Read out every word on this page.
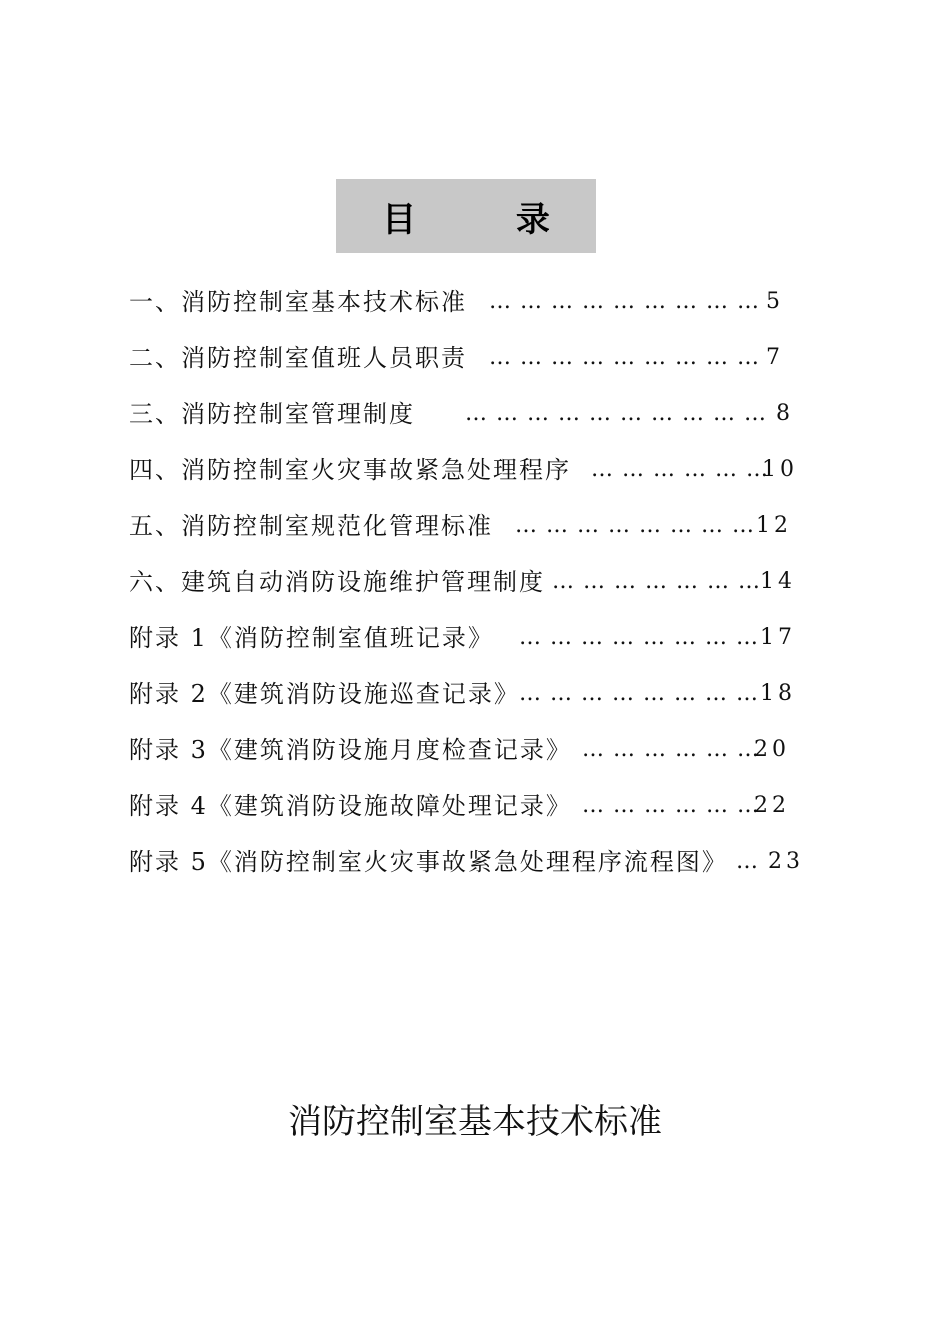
目 录
一、消防控制室基本技术标准 … … … … … … … … … 5
二、消防控制室值班人员职责 … … … … … … … … … 7
三、消防控制室管理制度 … … … … … … … … … … 8
四、消防控制室火灾事故紧急处理程序 … … … … … …
10
五、消防控制室规范化管理标准 … … … … … … … … 12
六、建筑自动消防设施维护管理制度 … … … … … … … 14
附录 1《消防控制室值班记录》 … … … … … … … … 17
附录 2《建筑消防设施巡查记录》 … … … … … … … … 18
附录 3《建筑消防设施月度检查记录》 … … … … … …
20
附录 4《建筑消防设施故障处理记录》 … … … … … …
22
附录 5《消防控制室火灾事故紧急处理程序流程图》 … 23
消防控制室基本技术标准
